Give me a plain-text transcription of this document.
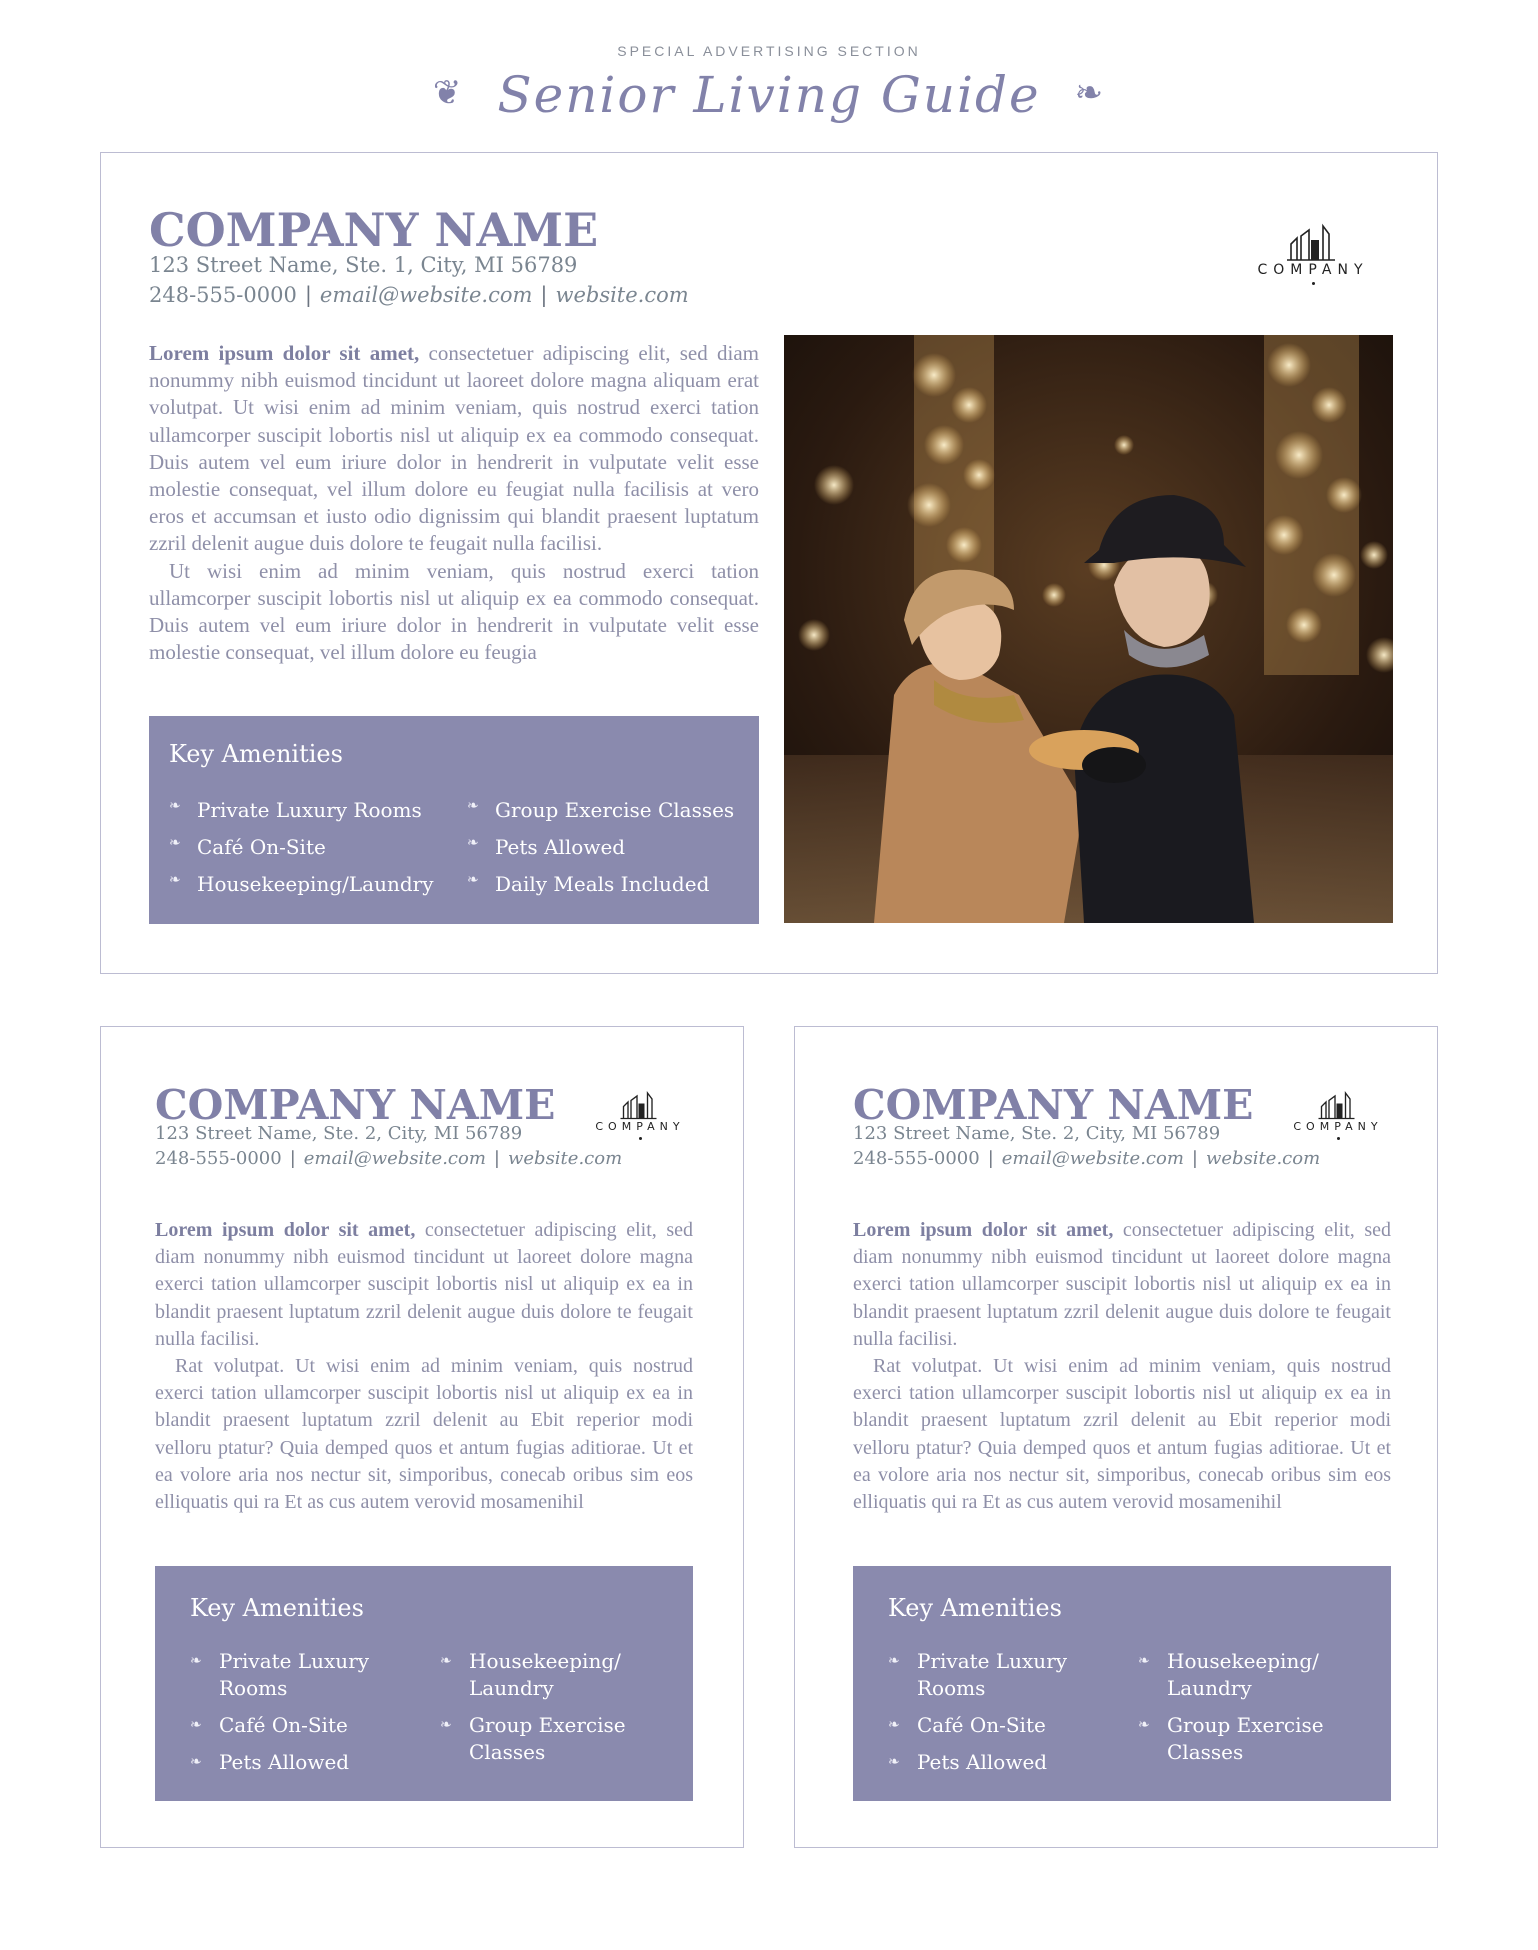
SPECIAL ADVERTISING SECTION
❦ Senior Living Guide ❧
COMPANY NAME
123 Street Name, Ste. 1, City, MI 56789
248-555-0000 | email@website.com | website.com
COMPANY

Lorem ipsum dolor sit amet, consectetuer adipiscing elit, sed diam nonummy nibh euismod tincidunt ut laoreet dolore magna aliquam erat volutpat. Ut wisi enim ad minim veniam, quis nostrud exerci tation ullamcorper suscipit lobortis nisl ut aliquip ex ea commodo consequat. Duis autem vel eum iriure dolor in hendrerit in vulputate velit esse molestie consequat, vel illum dolore eu feugiat nulla facilisis at vero eros et accumsan et iusto odio dignissim qui blandit praesent luptatum zzril delenit augue duis dolore te feugait nulla facilisi.

Ut wisi enim ad minim veniam, quis nostrud exerci tation ullamcorper suscipit lobortis nisl ut aliquip ex ea commodo consequat. Duis autem vel eum iriure dolor in hendrerit in vulputate velit esse molestie consequat, vel illum dolore eu feugia

Key Amenities
❧ Private Luxury Rooms
❧ Café On-Site
❧ Housekeeping/Laundry
❧ Group Exercise Classes
❧ Pets Allowed
❧ Daily Meals Included
COMPANY NAME
123 Street Name, Ste. 2, City, MI 56789
248-555-0000 | email@website.com | website.com
COMPANY

Lorem ipsum dolor sit amet, consectetuer adipiscing elit, sed diam nonummy nibh euismod tincidunt ut laoreet dolore magna exerci tation ullamcorper suscipit lobortis nisl ut aliquip ex ea in blandit praesent luptatum zzril delenit augue duis dolore te feugait nulla facilisi.

Rat volutpat. Ut wisi enim ad minim veniam, quis nostrud exerci tation ullamcorper suscipit lobortis nisl ut aliquip ex ea in blandit praesent luptatum zzril delenit au Ebit reperior modi velloru ptatur? Quia demped quos et antum fugias aditiorae. Ut et ea volore aria nos nectur sit, simporibus, conecab oribus sim eos elliquatis qui ra Et as cus autem verovid mosamenihil

Key Amenities
❧ Private Luxury Rooms
❧ Café On-Site
❧ Pets Allowed
❧ Housekeeping/ Laundry
❧ Group Exercise Classes
COMPANY NAME
123 Street Name, Ste. 2, City, MI 56789
248-555-0000 | email@website.com | website.com
COMPANY

Lorem ipsum dolor sit amet, consectetuer adipiscing elit, sed diam nonummy nibh euismod tincidunt ut laoreet dolore magna exerci tation ullamcorper suscipit lobortis nisl ut aliquip ex ea in blandit praesent luptatum zzril delenit augue duis dolore te feugait nulla facilisi.

Rat volutpat. Ut wisi enim ad minim veniam, quis nostrud exerci tation ullamcorper suscipit lobortis nisl ut aliquip ex ea in blandit praesent luptatum zzril delenit au Ebit reperior modi velloru ptatur? Quia demped quos et antum fugias aditiorae. Ut et ea volore aria nos nectur sit, simporibus, conecab oribus sim eos elliquatis qui ra Et as cus autem verovid mosamenihil

Key Amenities
❧ Private Luxury Rooms
❧ Café On-Site
❧ Pets Allowed
❧ Housekeeping/ Laundry
❧ Group Exercise Classes
